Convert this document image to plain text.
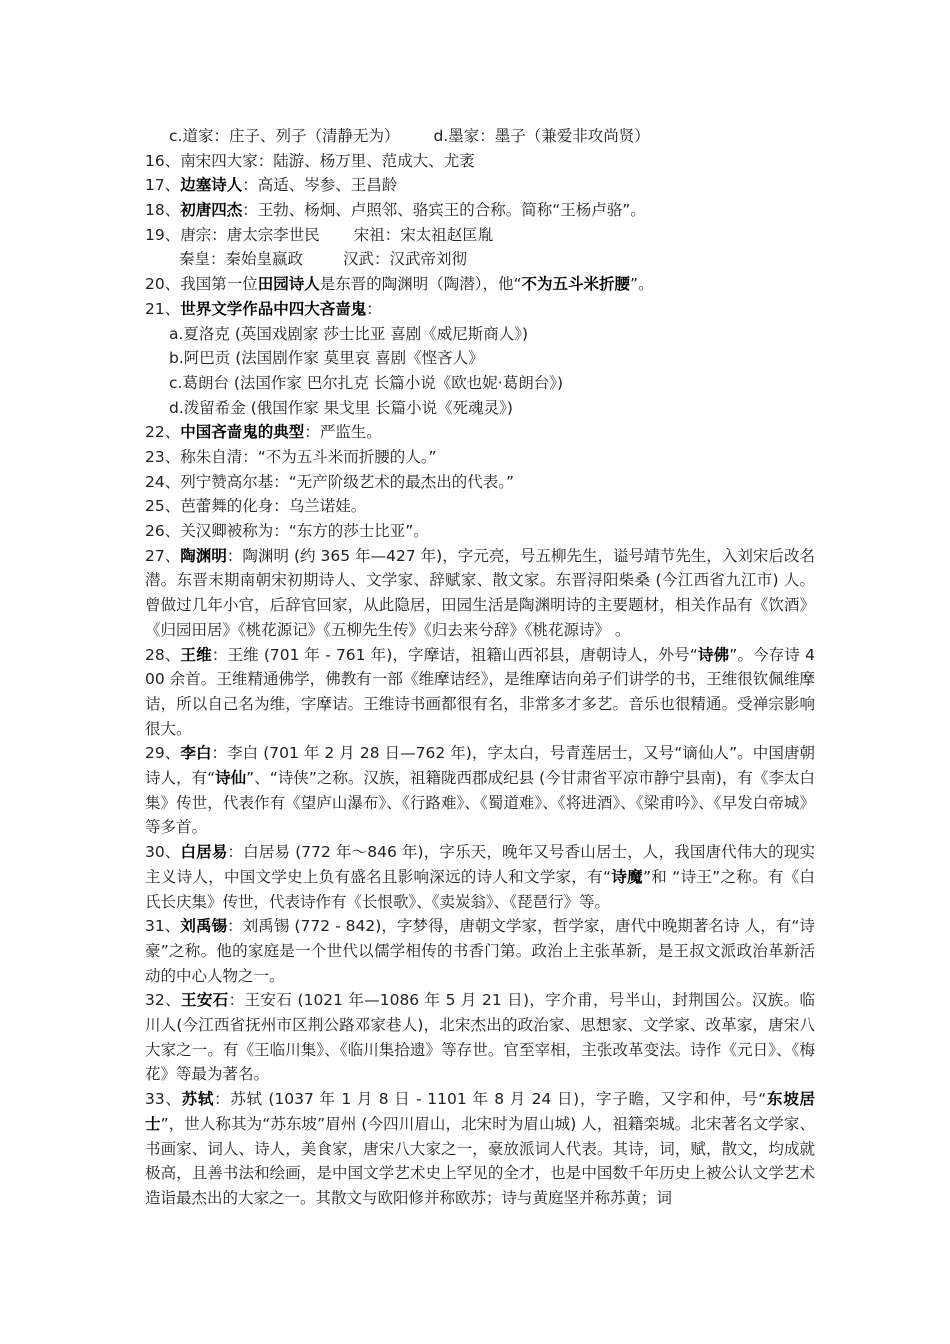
c.道家：庄子、列子（清静无为） d.墨家：墨子（兼爱非攻尚贤）
16、南宋四大家：陆游、杨万里、范成大、尤袤
17、边塞诗人：高适、岑参、王昌龄
18、初唐四杰：王勃、杨炯、卢照邻、骆宾王的合称。简称“王杨卢骆”。
19、唐宗：唐太宗李世民 宋祖：宋太祖赵匡胤
秦皇：秦始皇嬴政	汉武：汉武帝刘彻
20、我国第一位田园诗人是东晋的陶渊明（陶潜），他“不为五斗米折腰”。
21、世界文学作品中四大吝啬鬼：
a.夏洛克 (英国戏剧家 莎士比亚 喜剧《威尼斯商人》)
b.阿巴贡 (法国剧作家 莫里哀 喜剧《悭吝人》
c.葛朗台 (法国作家 巴尔扎克 长篇小说《欧也妮·葛朗台》)
d.泼留希金 (俄国作家 果戈里 长篇小说《死魂灵》)
22、中国吝啬鬼的典型：严监生。
23、称朱自清：“不为五斗米而折腰的人。”
24、列宁赞高尔基：“无产阶级艺术的最杰出的代表。”
25、芭蕾舞的化身：乌兰诺娃。
26、关汉卿被称为：“东方的莎士比亚”。
27、陶渊明：陶渊明 (约 365 年—427 年)，字元亮，号五柳先生，谥号靖节先生，入刘宋后改名潜。东晋末期南朝宋初期诗人、文学家、辞赋家、散文家。东晋浔阳柴桑 (今江西省九江市) 人。曾做过几年小官，后辞官回家，从此隐居，田园生活是陶渊明诗的主要题材，相关作品有《饮酒》《归园田居》《桃花源记》《五柳先生传》《归去来兮辞》《桃花源诗》 。
28、王维：王维 (701 年 - 761 年)，字摩诘，祖籍山西祁县，唐朝诗人，外号“诗佛”。今存诗 400 余首。王维精通佛学，佛教有一部《维摩诘经》，是维摩诘向弟子们讲学的书，王维很钦佩维摩诘，所以自己名为维，字摩诘。王维诗书画都很有名，非常多才多艺。音乐也很精通。受禅宗影响很大。
29、李白：李白 (701 年 2 月 28 日—762 年)，字太白，号青莲居士，又号“谪仙人”。中国唐朝诗人，有“诗仙”、“诗侠”之称。汉族，祖籍陇西郡成纪县 (今甘肃省平凉市静宁县南)，有《李太白集》传世，代表作有《望庐山瀑布》、《行路难》、《蜀道难》、《将进酒》、《梁甫吟》、《早发白帝城》等多首。
30、白居易：白居易 (772 年～846 年)，字乐天，晚年又号香山居士，人，我国唐代伟大的现实主义诗人，中国文学史上负有盛名且影响深远的诗人和文学家，有“诗魔”和 “诗王”之称。有《白氏长庆集》传世，代表诗作有《长恨歌》、《卖炭翁》、《琵琶行》等。
31、刘禹锡：刘禹锡 (772 - 842)，字梦得，唐朝文学家，哲学家，唐代中晚期著名诗 人，有“诗豪”之称。他的家庭是一个世代以儒学相传的书香门第。政治上主张革新，是王叔文派政治革新活动的中心人物之一。
32、王安石：王安石 (1021 年—1086 年 5 月 21 日)，字介甫，号半山，封荆国公。汉族。临川人(今江西省抚州市区荆公路邓家巷人)，北宋杰出的政治家、思想家、文学家、改革家，唐宋八大家之一。有《王临川集》、《临川集拾遗》等存世。官至宰相，主张改革变法。诗作《元日》、《梅花》等最为著名。
33、苏轼：苏轼 (1037 年 1 月 8 日 - 1101 年 8 月 24 日)，字子瞻，又字和仲，号“东坡居士”，世人称其为“苏东坡”眉州 (今四川眉山，北宋时为眉山城) 人，祖籍栾城。北宋著名文学家、书画家、词人、诗人，美食家，唐宋八大家之一，豪放派词人代表。其诗，词，赋，散文，均成就极高，且善书法和绘画，是中国文学艺术史上罕见的全才，也是中国数千年历史上被公认文学艺术造诣最杰出的大家之一。其散文与欧阳修并称欧苏；诗与黄庭坚并称苏黄；词
